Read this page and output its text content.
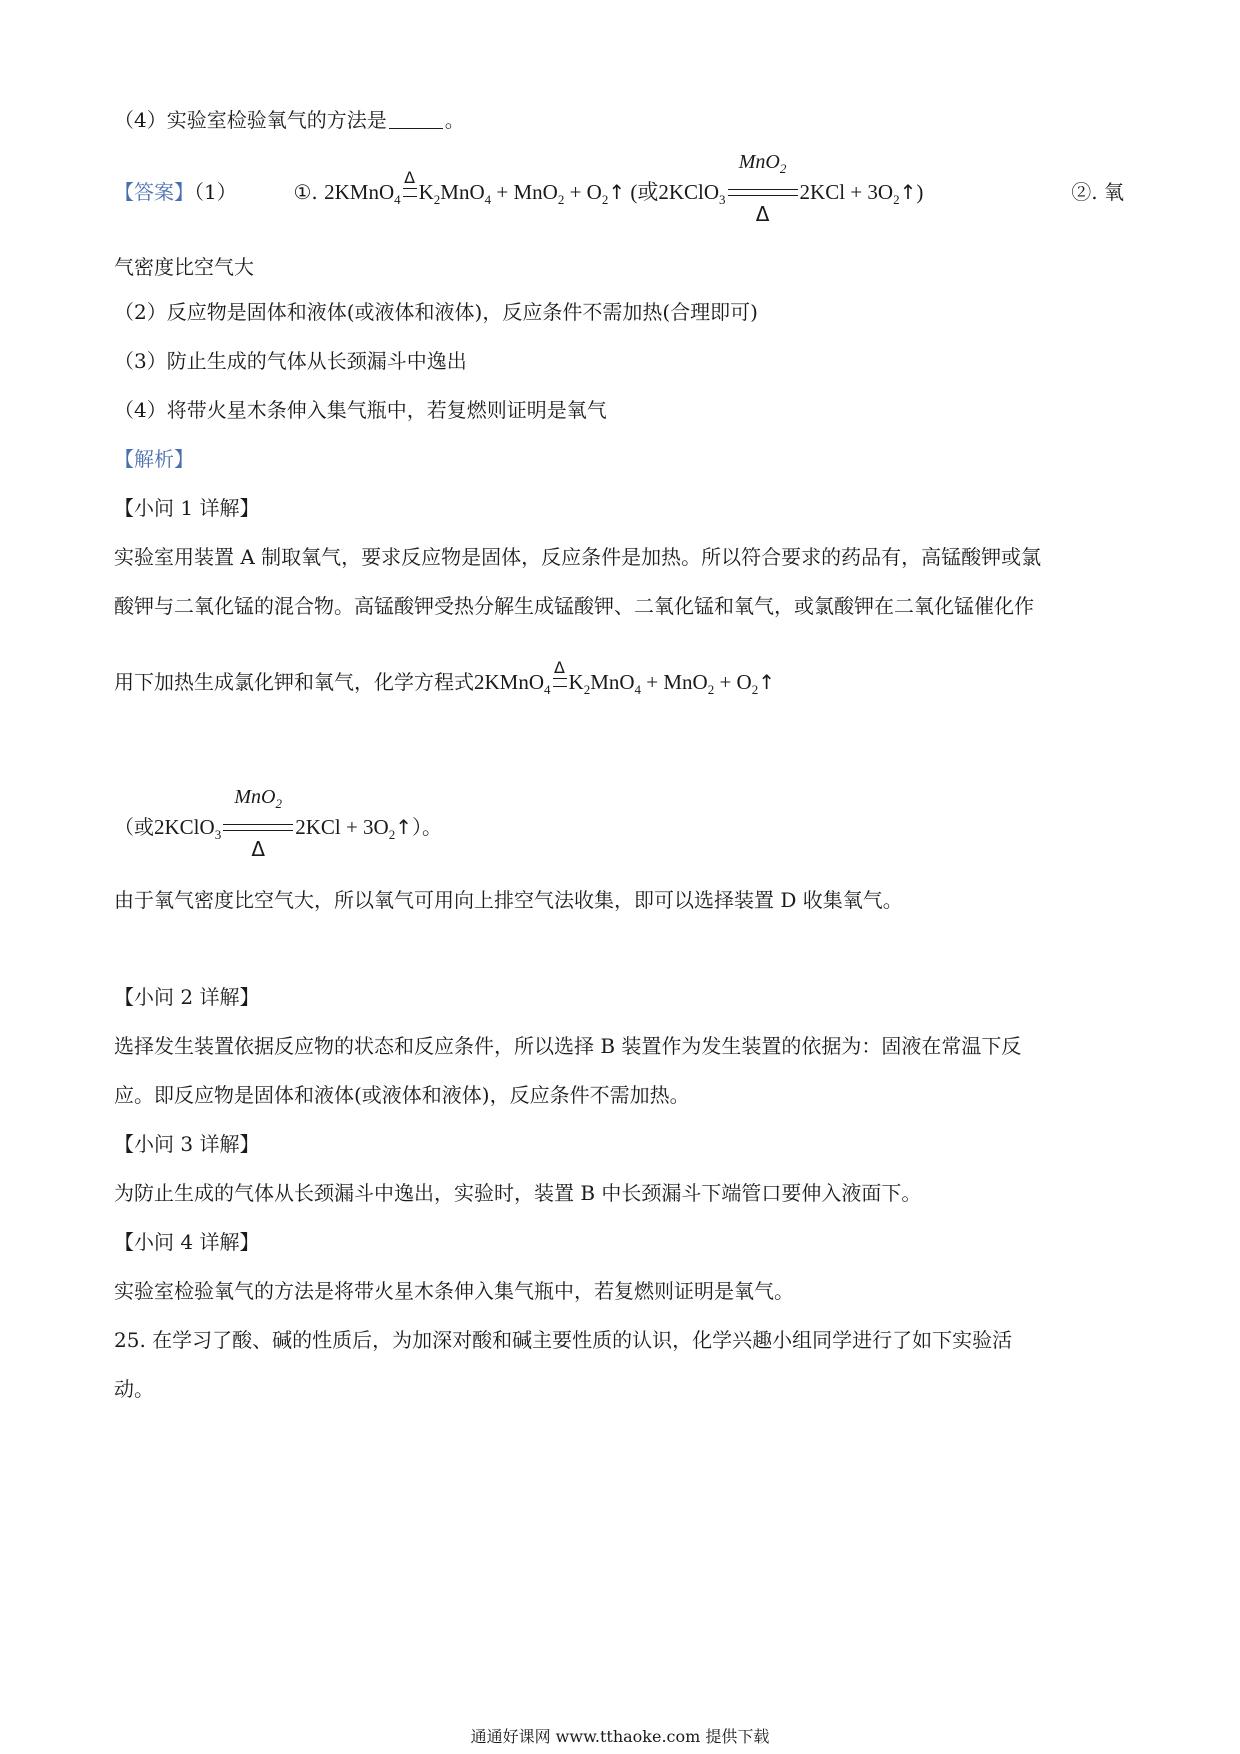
（4）实验室检验氧气的方法是	。
【答案】（1）	①. 2KMnO$_4$
Δ
$K_2MnO_4 + MnO_2$ + $O_2↑$ (或2KClO$_3$
MnO$_2$
Δ
$2KCl + 3O_2↑$)	②. 氧
气密度比空气大
（2）反应物是固体和液体(或液体和液体)，反应条件不需加热(合理即可)
（3）防止生成的气体从长颈漏斗中逸出
（4）将带火星木条伸入集气瓶中，若复燃则证明是氧气
【解析】
【小问 1 详解】
实验室用装置 A 制取氧气，要求反应物是固体，反应条件是加热。所以符合要求的药品有，高锰酸钾或氯
酸钾与二氧化锰的混合物。高锰酸钾受热分解生成锰酸钾、二氧化锰和氧气，或氯酸钾在二氧化锰催化作
用下加热生成氯化钾和氧气，化学方程式2KMnO$_4$
Δ
$K_2MnO_4 + MnO_2$ + $O_2↑$
（或2KClO$_3$
MnO$_2$
Δ
$2KCl + 3O_2↑$）。
由于氧气密度比空气大，所以氧气可用向上排空气法收集，即可以选择装置 D 收集氧气。
【小问 2 详解】
选择发生装置依据反应物的状态和反应条件，所以选择 B 装置作为发生装置的依据为：固液在常温下反
应。即反应物是固体和液体(或液体和液体)，反应条件不需加热。
【小问 3 详解】
为防止生成的气体从长颈漏斗中逸出，实验时，装置 B 中长颈漏斗下端管口要伸入液面下。
【小问 4 详解】
实验室检验氧气的方法是将带火星木条伸入集气瓶中，若复燃则证明是氧气。
25. 在学习了酸、碱的性质后，为加深对酸和碱主要性质的认识，化学兴趣小组同学进行了如下实验活
动。
通通好课网 www.tthaoke.com 提供下载
